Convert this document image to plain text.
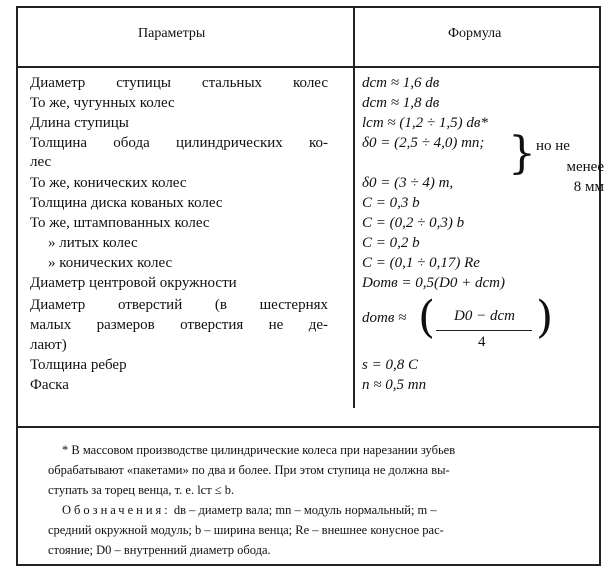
Параметры	Формула
Диаметр ступицы стальных колес
То же, чугунных колес
Длина ступицы
Толщина обода цилиндрических ко-
лес
То же, конических колес
Толщина диска кованых колес
То же, штампованных колес
» литых колес
» конических колес
Диаметр центровой окружности
Диаметр отверстий (в шестернях
малых размеров отверстия не де-
лают)
Толщина ребер
Фаска
dст ≈ 1,6 dв
dст ≈ 1,8 dв
lст ≈ (1,2 ÷ 1,5) dв*
δ0 = (2,5 ÷ 4,0) mn;
δ0 = (3 ÷ 4) m,
C = 0,3 b
C = (0,2 ÷ 0,3) b
C = 0,2 b
C = (0,1 ÷ 0,17) Re
Dотв = 0,5(D0 + dст)
s = 0,8 C
n ≈ 0,5 mn
} но не
менее
8 мм
dотв ≈ ( D0 − dст
4 )

* В массовом производстве цилиндрические колеса при нарезании зубьев

обрабатывают «пакетами» по два и более. При этом ступица не должна вы-

ступать за торец венца, т. е. lст ≤ b.

Обозначения: dв – диаметр вала; mn – модуль нормальный; m –

средний окружной модуль; b – ширина венца; Re – внешнее конусное рас-

стояние; D0 – внутренний диаметр обода.
